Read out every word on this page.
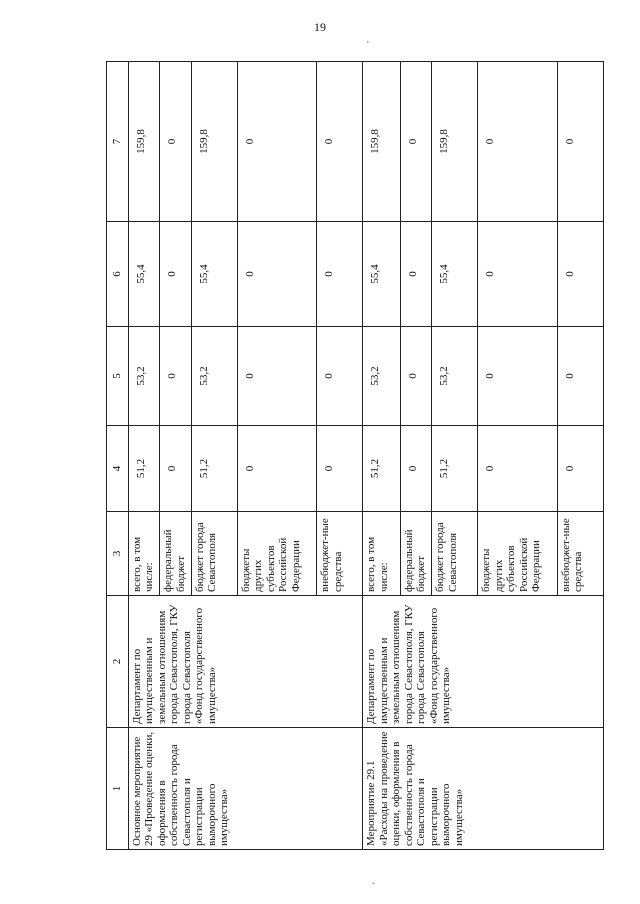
19
'
.
1	2	3	4	5	6	7
Основное мероприятие 29 «Проведение оценки, оформления в собственность города Севастополя и регистрации выморочного имущества»	Департамент по имущественным и земельным отношениям города Севастополя, ГКУ города Севастополя «Фонд государственного имущества»	всего, в том числе:	51,2	53,2	55,4	159,8
		федеральный бюджет	0	0	0	0
		бюджет города Севастополя	51,2	53,2	55,4	159,8
		бюджеты других субъектов Российской Федерации	0	0	0	0
		внебюджет-ные средства	0	0	0	0
Мероприятие 29.1 «Расходы на проведение оценки, оформления в собственность города Севастополя и регистрации выморочного имущества»	Департамент по имущественным и земельным отношениям города Севастополя, ГКУ города Севастополя «Фонд государственного имущества»	всего, в том числе:	51,2	53,2	55,4	159,8
		федеральный бюджет	0	0	0	0
		бюджет города Севастополя	51,2	53,2	55,4	159,8
		бюджеты других субъектов Российской Федерации	0	0	0	0
		внебюджет-ные средства	0	0	0	0
